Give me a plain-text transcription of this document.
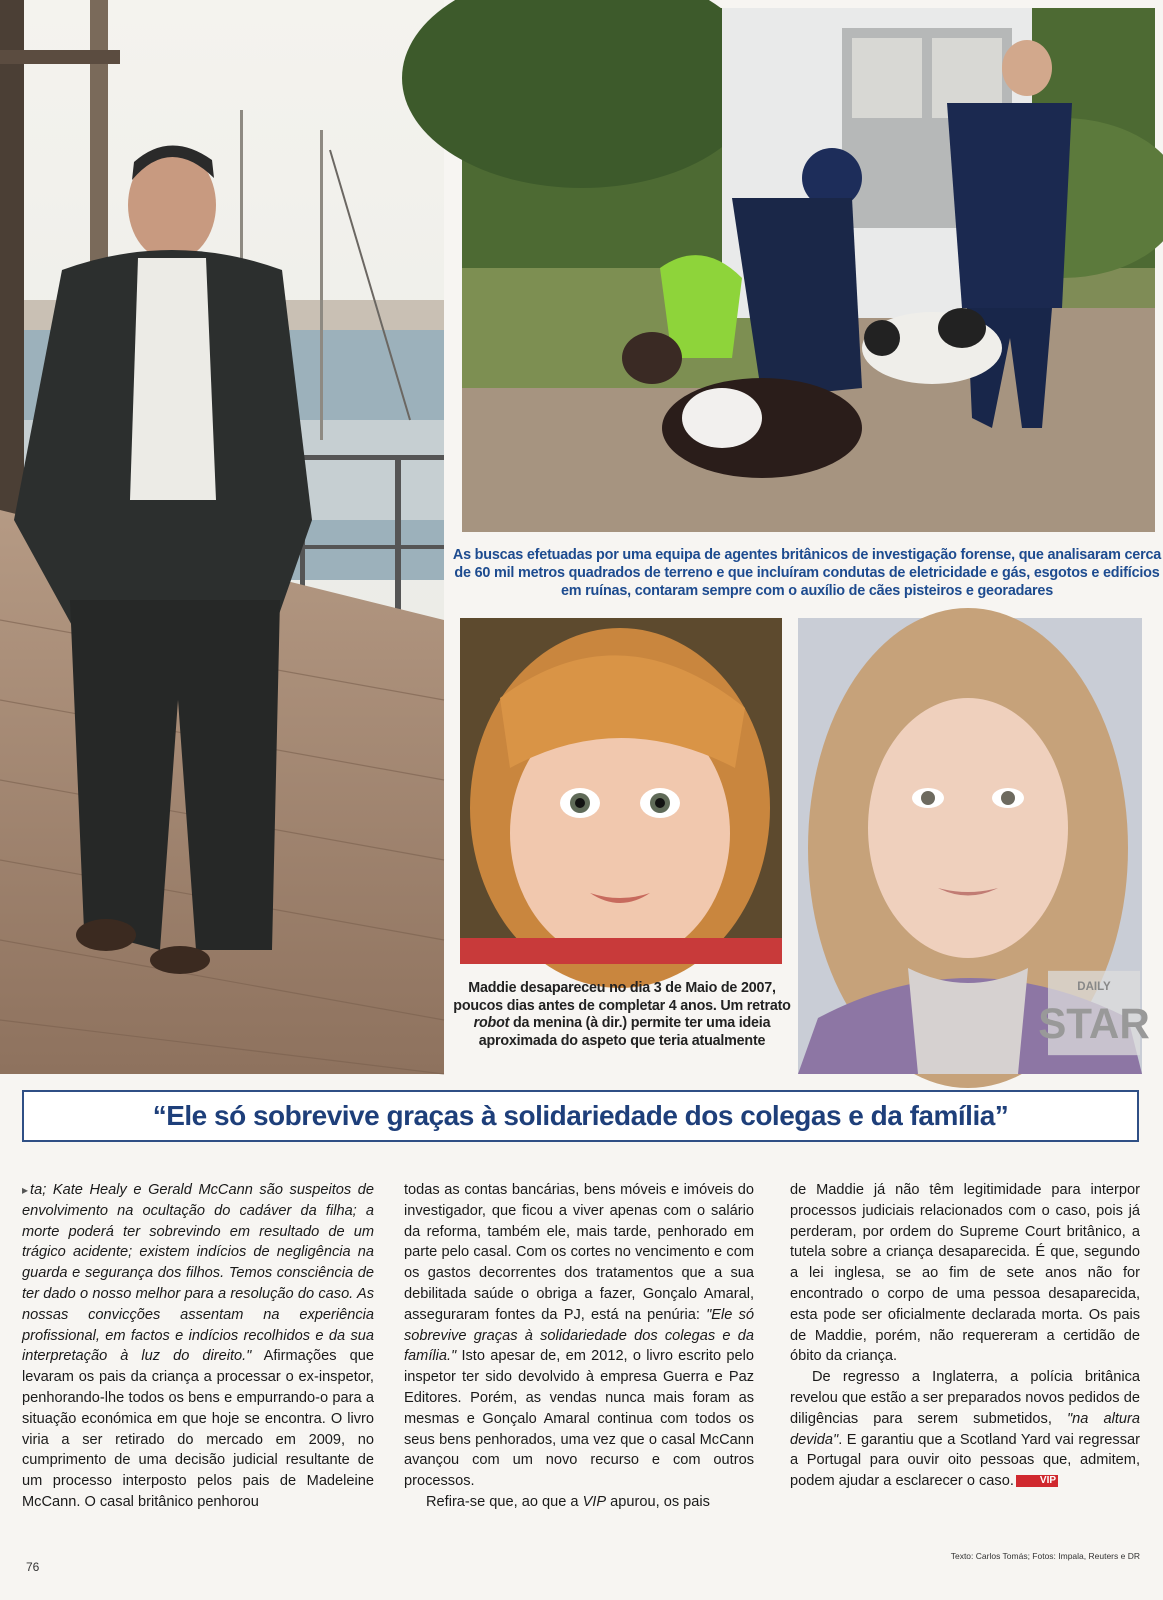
As buscas efetuadas por uma equipa de agentes britânicos de investigação forense, que analisaram cerca de 60 mil metros quadrados de terreno e que incluíram condutas de eletricidade e gás, esgotos e edifícios em ruínas, contaram sempre com o auxílio de cães pisteiros e georadares
Maddie desapareceu no dia 3 de Maio de 2007, poucos dias antes de completar 4 anos. Um retrato robot da menina (à dir.) permite ter uma ideia aproximada do aspeto que teria atualmente
DAILY
STAR
“Ele só sobrevive graças à solidariedade dos colegas e da família”

▸ ta; Kate Healy e Gerald McCann são suspeitos de envolvimento na ocultação do cadáver da filha; a morte poderá ter sobrevindo em resultado de um trágico acidente; existem indícios de negligência na guarda e segurança dos filhos. Temos consciência de ter dado o nosso melhor para a resolução do caso. As nossas convicções assentam na experiência profissional, em factos e indícios recolhidos e da sua interpretação à luz do direito." Afirmações que levaram os pais da criança a processar o ex-inspetor, penhorando-lhe todos os bens e empurrando-o para a situação económica em que hoje se encontra. O livro viria a ser retirado do mercado em 2009, no cumprimento de uma decisão judicial resultante de um processo interposto pelos pais de Madeleine McCann. O casal britânico penhorou

todas as contas bancárias, bens móveis e imóveis do investigador, que ficou a viver apenas com o salário da reforma, também ele, mais tarde, penhorado em parte pelo casal. Com os cortes no vencimento e com os gastos decorrentes dos tratamentos que a sua debilitada saúde o obriga a fazer, Gonçalo Amaral, asseguraram fontes da PJ, está na penúria: "Ele só sobrevive graças à solidariedade dos colegas e da família." Isto apesar de, em 2012, o livro escrito pelo inspetor ter sido devolvido à empresa Guerra e Paz Editores. Porém, as vendas nunca mais foram as mesmas e Gonçalo Amaral continua com todos os seus bens penhorados, uma vez que o casal McCann avançou com um novo recurso e com outros processos.

Refira-se que, ao que a VIP apurou, os pais

de Maddie já não têm legitimidade para interpor processos judiciais relacionados com o caso, pois já perderam, por ordem do Supreme Court britânico, a tutela sobre a criança desaparecida. É que, segundo a lei inglesa, se ao fim de sete anos não for encontrado o corpo de uma pessoa desaparecida, esta pode ser oficialmente declarada morta. Os pais de Maddie, porém, não requereram a certidão de óbito da criança.

De regresso a Inglaterra, a polícia britânica revelou que estão a ser preparados novos pedidos de diligências para serem submetidos, "na altura devida". E garantiu que a Scotland Yard vai regressar a Portugal para ouvir oito pessoas que, admitem, podem ajudar a esclarecer o caso.	VIP

Texto: Carlos Tomás; Fotos: Impala, Reuters e DR
76
